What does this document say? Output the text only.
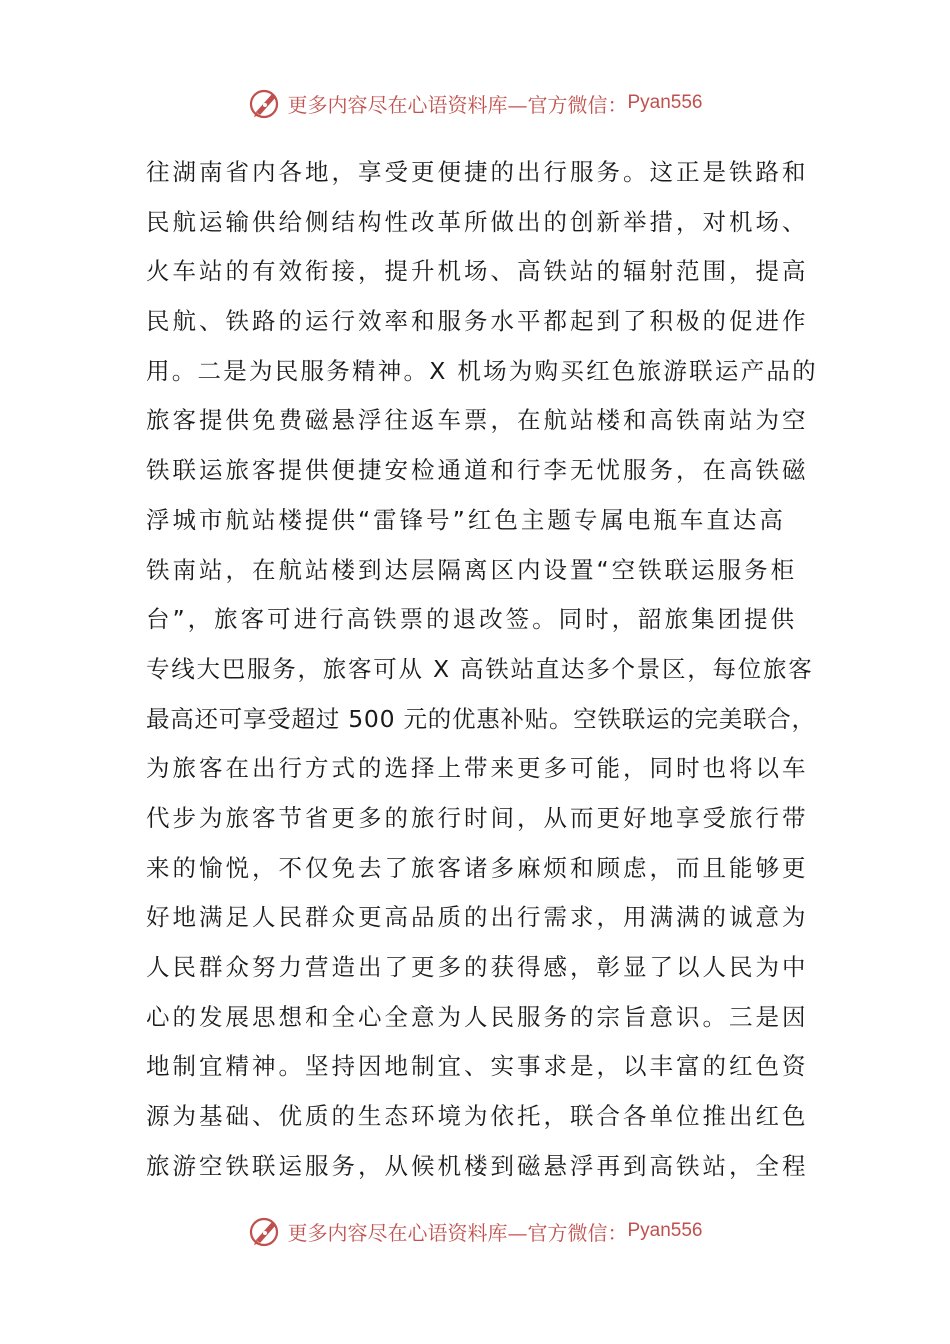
更多内容尽在心语资料库—官方微信： Pyan556
往湖南省内各地，享受更便捷的出行服务。这正是铁路和
民航运输供给侧结构性改革所做出的创新举措，对机场、
火车站的有效衔接，提升机场、高铁站的辐射范围，提高
民航、铁路的运行效率和服务水平都起到了积极的促进作
用。二是为民服务精神。X 机场为购买红色旅游联运产品的
旅客提供免费磁悬浮往返车票，在航站楼和高铁南站为空
铁联运旅客提供便捷安检通道和行李无忧服务，在高铁磁
浮城市航站楼提供“雷锋号”红色主题专属电瓶车直达高
铁南站，在航站楼到达层隔离区内设置“空铁联运服务柜
台”，旅客可进行高铁票的退改签。同时，韶旅集团提供
专线大巴服务，旅客可从 X 高铁站直达多个景区，每位旅客
最高还可享受超过 500 元的优惠补贴。空铁联运的完美联合，
为旅客在出行方式的选择上带来更多可能，同时也将以车
代步为旅客节省更多的旅行时间，从而更好地享受旅行带
来的愉悦，不仅免去了旅客诸多麻烦和顾虑，而且能够更
好地满足人民群众更高品质的出行需求，用满满的诚意为
人民群众努力营造出了更多的获得感，彰显了以人民为中
心的发展思想和全心全意为人民服务的宗旨意识。三是因
地制宜精神。坚持因地制宜、实事求是，以丰富的红色资
源为基础、优质的生态环境为依托，联合各单位推出红色
旅游空铁联运服务，从候机楼到磁悬浮再到高铁站，全程
更多内容尽在心语资料库—官方微信： Pyan556
